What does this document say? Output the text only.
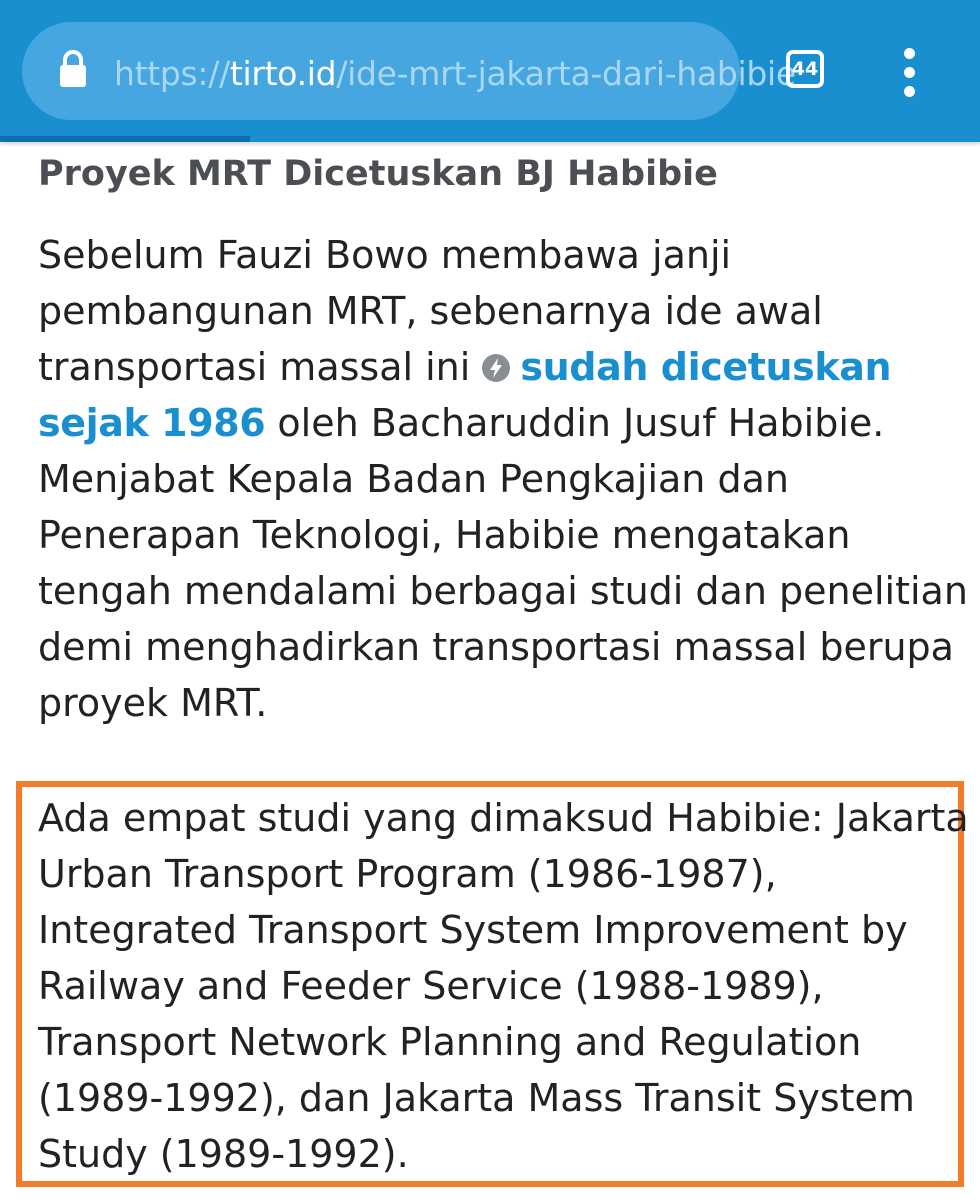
https://tirto.id/ide-mrt-jakarta-dari-habibie
44
Proyek MRT Dicetuskan BJ Habibie
Sebelum Fauzi Bowo membawa janji
pembangunan MRT, sebenarnya ide awal
transportasi massal ini sudah dicetuskan
sejak 1986 oleh Bacharuddin Jusuf Habibie.
Menjabat Kepala Badan Pengkajian dan
Penerapan Teknologi, Habibie mengatakan
tengah mendalami berbagai studi dan penelitian
demi menghadirkan transportasi massal berupa
proyek MRT.
Ada empat studi yang dimaksud Habibie: Jakarta
Urban Transport Program (1986-1987),
Integrated Transport System Improvement by
Railway and Feeder Service (1988-1989),
Transport Network Planning and Regulation
(1989-1992), dan Jakarta Mass Transit System
Study (1989-1992).
